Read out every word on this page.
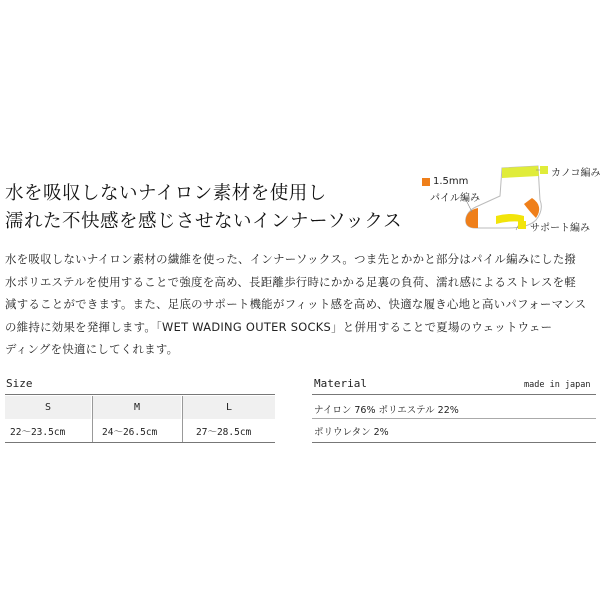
水を吸収しないナイロン素材を使用し
濡れた不快感を感じさせないインナーソックス
カノコ編み
1.5mm
パイル編み
サポート編み
水を吸収しないナイロン素材の繊維を使った、インナーソックス。つま先とかかと部分はパイル編みにした撥
水ポリエステルを使用することで強度を高め、長距離歩行時にかかる足裏の負荷、濡れ感によるストレスを軽
減することができます。また、足底のサポート機能がフィット感を高め、快適な履き心地と高いパフォーマンス
の維持に効果を発揮します。「WET WADING OUTER SOCKS」と併用することで夏場のウェットウェー
ディングを快適にしてくれます。
Size
S	M	L
22〜23.5cm	24〜26.5cm	27〜28.5cm
Material	made in japan
ナイロン 76% ポリエステル 22%
ポリウレタン 2%
